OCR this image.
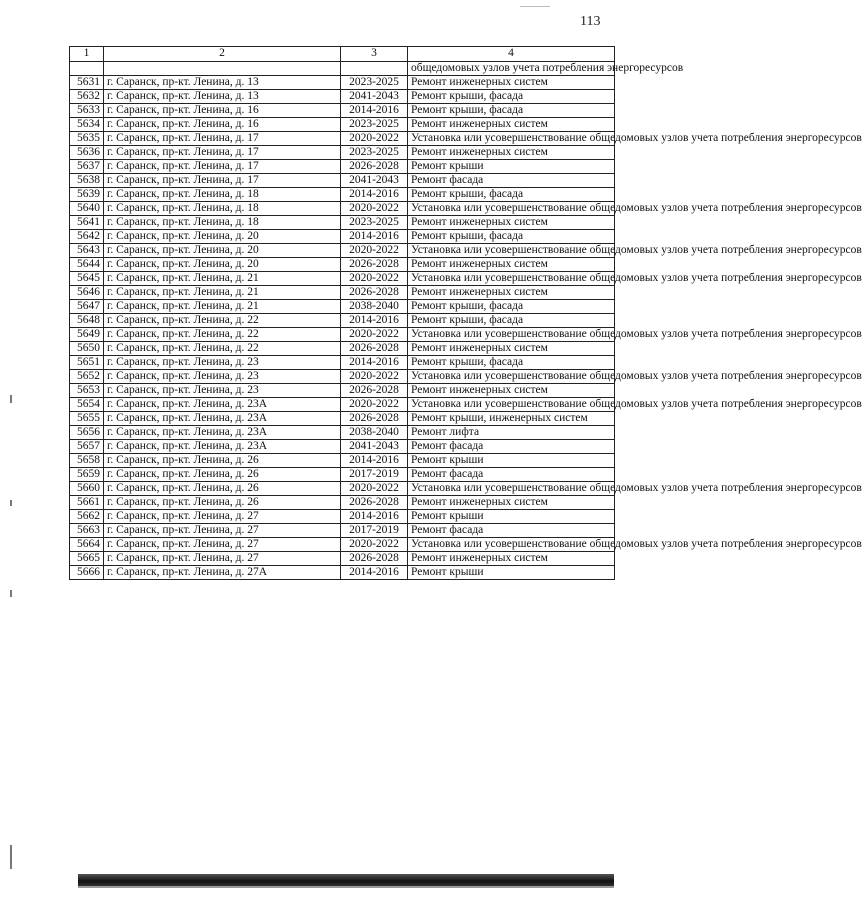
113
1	2	3	4
			общедомовых узлов учета потребления энергоресурсов
5631	г. Саранск, пр-кт. Ленина, д. 13	2023-2025	Ремонт инженерных систем
5632	г. Саранск, пр-кт. Ленина, д. 13	2041-2043	Ремонт крыши, фасада
5633	г. Саранск, пр-кт. Ленина, д. 16	2014-2016	Ремонт крыши, фасада
5634	г. Саранск, пр-кт. Ленина, д. 16	2023-2025	Ремонт инженерных систем
5635	г. Саранск, пр-кт. Ленина, д. 17	2020-2022	Установка или усовершенствование общедомовых узлов учета потребления энергоресурсов
5636	г. Саранск, пр-кт. Ленина, д. 17	2023-2025	Ремонт инженерных систем
5637	г. Саранск, пр-кт. Ленина, д. 17	2026-2028	Ремонт крыши
5638	г. Саранск, пр-кт. Ленина, д. 17	2041-2043	Ремонт фасада
5639	г. Саранск, пр-кт. Ленина, д. 18	2014-2016	Ремонт крыши, фасада
5640	г. Саранск, пр-кт. Ленина, д. 18	2020-2022	Установка или усовершенствование общедомовых узлов учета потребления энергоресурсов
5641	г. Саранск, пр-кт. Ленина, д. 18	2023-2025	Ремонт инженерных систем
5642	г. Саранск, пр-кт. Ленина, д. 20	2014-2016	Ремонт крыши, фасада
5643	г. Саранск, пр-кт. Ленина, д. 20	2020-2022	Установка или усовершенствование общедомовых узлов учета потребления энергоресурсов
5644	г. Саранск, пр-кт. Ленина, д. 20	2026-2028	Ремонт инженерных систем
5645	г. Саранск, пр-кт. Ленина, д. 21	2020-2022	Установка или усовершенствование общедомовых узлов учета потребления энергоресурсов
5646	г. Саранск, пр-кт. Ленина, д. 21	2026-2028	Ремонт инженерных систем
5647	г. Саранск, пр-кт. Ленина, д. 21	2038-2040	Ремонт крыши, фасада
5648	г. Саранск, пр-кт. Ленина, д. 22	2014-2016	Ремонт крыши, фасада
5649	г. Саранск, пр-кт. Ленина, д. 22	2020-2022	Установка или усовершенствование общедомовых узлов учета потребления энергоресурсов
5650	г. Саранск, пр-кт. Ленина, д. 22	2026-2028	Ремонт инженерных систем
5651	г. Саранск, пр-кт. Ленина, д. 23	2014-2016	Ремонт крыши, фасада
5652	г. Саранск, пр-кт. Ленина, д. 23	2020-2022	Установка или усовершенствование общедомовых узлов учета потребления энергоресурсов
5653	г. Саранск, пр-кт. Ленина, д. 23	2026-2028	Ремонт инженерных систем
5654	г. Саранск, пр-кт. Ленина, д. 23А	2020-2022	Установка или усовершенствование общедомовых узлов учета потребления энергоресурсов
5655	г. Саранск, пр-кт. Ленина, д. 23А	2026-2028	Ремонт крыши, инженерных систем
5656	г. Саранск, пр-кт. Ленина, д. 23А	2038-2040	Ремонт лифта
5657	г. Саранск, пр-кт. Ленина, д. 23А	2041-2043	Ремонт фасада
5658	г. Саранск, пр-кт. Ленина, д. 26	2014-2016	Ремонт крыши
5659	г. Саранск, пр-кт. Ленина, д. 26	2017-2019	Ремонт фасада
5660	г. Саранск, пр-кт. Ленина, д. 26	2020-2022	Установка или усовершенствование общедомовых узлов учета потребления энергоресурсов
5661	г. Саранск, пр-кт. Ленина, д. 26	2026-2028	Ремонт инженерных систем
5662	г. Саранск, пр-кт. Ленина, д. 27	2014-2016	Ремонт крыши
5663	г. Саранск, пр-кт. Ленина, д. 27	2017-2019	Ремонт фасада
5664	г. Саранск, пр-кт. Ленина, д. 27	2020-2022	Установка или усовершенствование общедомовых узлов учета потребления энергоресурсов
5665	г. Саранск, пр-кт. Ленина, д. 27	2026-2028	Ремонт инженерных систем
5666	г. Саранск, пр-кт. Ленина, д. 27А	2014-2016	Ремонт крыши
